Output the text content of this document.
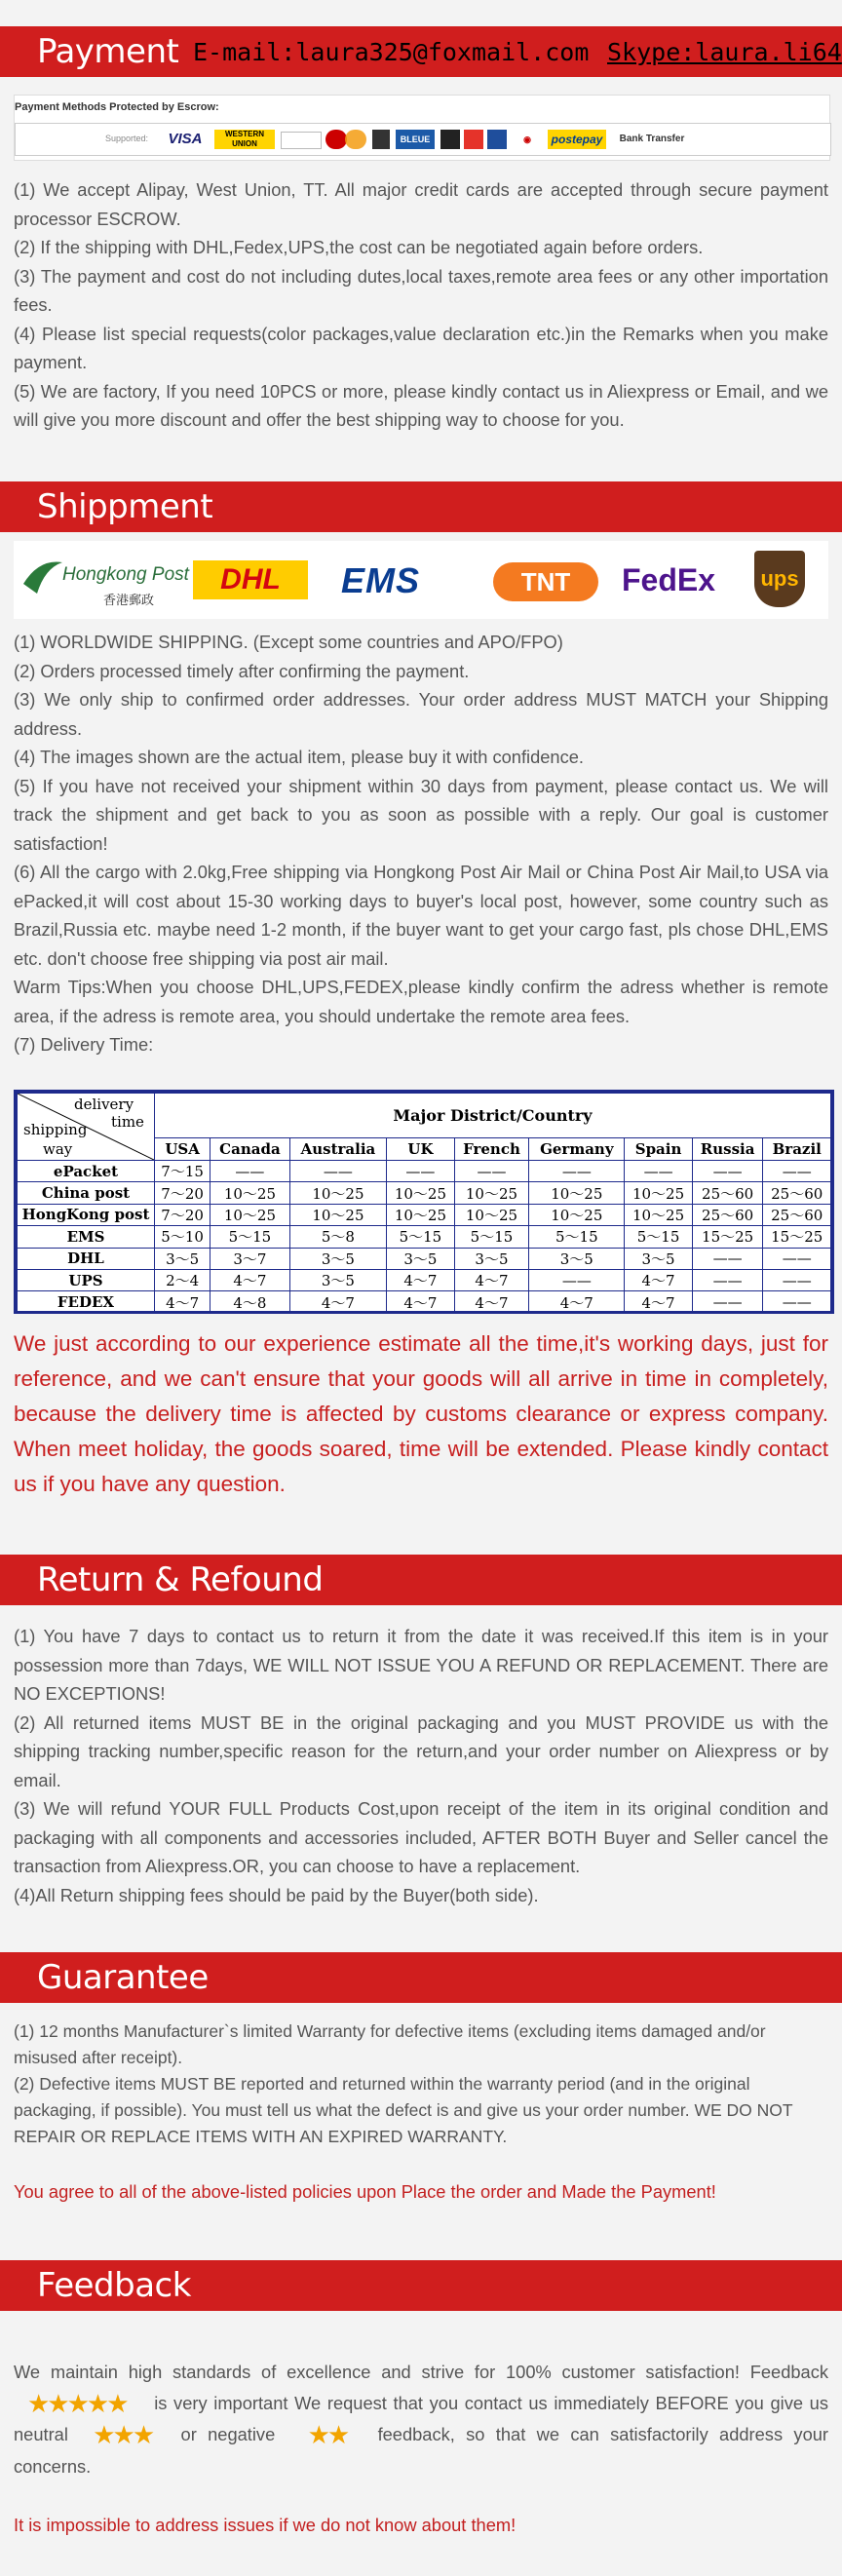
Payment E-mail:laura325@foxmail.com Skype:laura.li64
Payment Methods Protected by Escrow:
Supported:	VISA	WESTERN UNION	BLEUE	◉	postepay	Bank Transfer

(1) We accept Alipay, West Union, TT. All major credit cards are accepted through secure payment processor ESCROW.

(2) If the shipping with DHL,Fedex,UPS,the cost can be negotiated again before orders.

(3) The payment and cost do not including dutes,local taxes,remote area fees or any other importation fees.

(4) Please list special requests(color packages,value declaration etc.)in the Remarks when you make payment.

(5) We are factory, If you need 10PCS or more, please kindly contact us in Aliexpress or Email, and we will give you more discount and offer the best shipping way to choose for you.

Shippment
Hongkong Post
香港郵政
DHL	EMS	TNT	FedEx ups

(1) WORLDWIDE SHIPPING. (Except some countries and APO/FPO)

(2) Orders processed timely after confirming the payment.

(3) We only ship to confirmed order addresses. Your order address MUST MATCH your Shipping address.

(4) The images shown are the actual item, please buy it with confidence.

(5) If you have not received your shipment within 30 days from payment, please contact us. We will track the shipment and get back to you as soon as possible with a reply. Our goal is customer satisfaction!

(6) All the cargo with 2.0kg,Free shipping via Hongkong Post Air Mail or China Post Air Mail,to USA via ePacked,it will cost about 15-30 working days to buyer's local post, however, some country such as Brazil,Russia etc. maybe need 1-2 month, if the buyer want to get your cargo fast, pls chose DHL,EMS etc. don't choose free shipping via post air mail.

Warm Tips:When you choose DHL,UPS,FEDEX,please kindly confirm the adress whether is remote area, if the adress is remote area, you should undertake the remote area fees.

(7) Delivery Time:

delivery
time
shipping
way	Major District/Country								
	USA	Canada	Australia	UK	French	Germany	Spain	Russia	Brazil
ePacket	7～15	——	——	——	——	——	——	——	——
China post	7～20	10～25	10～25	10～25	10～25	10～25	10～25	25～60	25～60
HongKong post	7～20	10～25	10～25	10～25	10～25	10～25	10～25	25～60	25～60
EMS	5～10	5～15	5～8	5～15	5～15	5～15	5～15	15～25	15～25
DHL	3～5	3～7	3～5	3～5	3～5	3～5	3～5	——	——
UPS	2～4	4～7	3～5	4～7	4～7	——	4～7	——	——
FEDEX	4～7	4～8	4～7	4～7	4～7	4～7	4～7	——	——
We just according to our experience estimate all the time,it's working days, just for reference, and we can't ensure that your goods will all arrive in time in completely, because the delivery time is affected by customs clearance or express company. When meet holiday, the goods soared, time will be extended. Please kindly contact us if you have any question.
Return & Refound

(1) You have 7 days to contact us to return it from the date it was received.If this item is in your possession more than 7days, WE WILL NOT ISSUE YOU A REFUND OR REPLACEMENT. There are NO EXCEPTIONS!

(2) All returned items MUST BE in the original packaging and you MUST PROVIDE us with the shipping tracking number,specific reason for the return,and your order number on Aliexpress or by email.

(3) We will refund YOUR FULL Products Cost,upon receipt of the item in its original condition and packaging with all components and accessories included, AFTER BOTH Buyer and Seller cancel the transaction from Aliexpress.OR, you can choose to have a replacement.

(4)All Return shipping fees should be paid by the Buyer(both side).

Guarantee

(1) 12 months Manufacturer`s limited Warranty for defective items (excluding items damaged and/or misused after receipt).

(2) Defective items MUST BE reported and returned within the warranty period (and in the original packaging, if possible). You must tell us what the defect is and give us your order number. WE DO NOT REPAIR OR REPLACE ITEMS WITH AN EXPIRED WARRANTY.

You agree to all of the above-listed policies upon Place the order and Made the Payment!
Feedback
We maintain high standards of excellence and strive for 100% customer satisfaction! Feedback ★★★★★ is very important We request that you contact us immediately BEFORE you give us neutral ★★★ or negative ★★ feedback, so that we can satisfactorily address your concerns.
It is impossible to address issues if we do not know about them!
